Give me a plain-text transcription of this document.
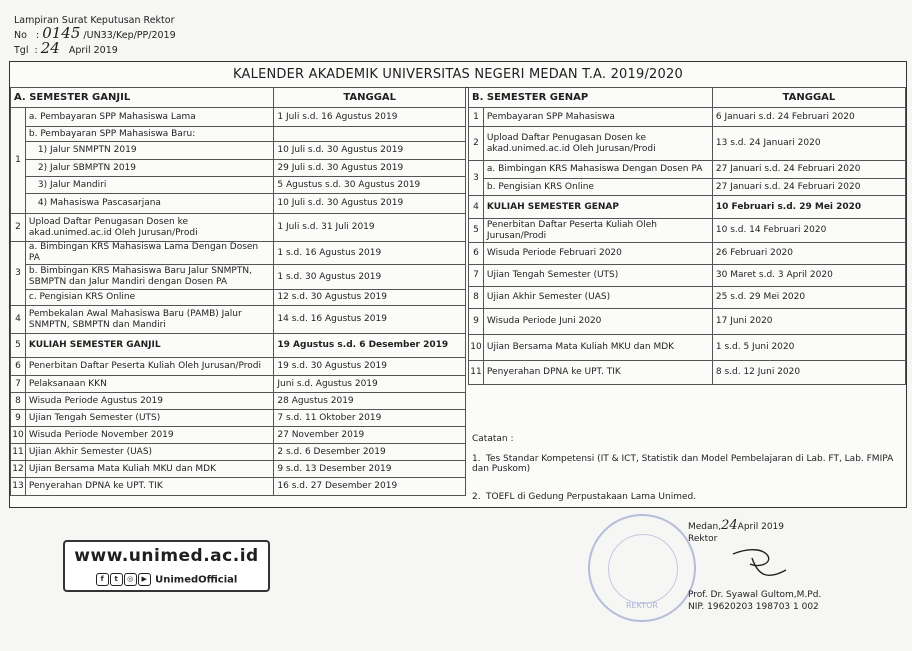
Lampiran Surat Keputusan Rektor
No   : 0145 /UN33/Kep/PP/2019
Tgl  : 24 April 2019
KALENDER AKADEMIK UNIVERSITAS NEGERI MEDAN T.A. 2019/2020
A. SEMESTER GANJIL		TANGGAL
1	a. Pembayaran SPP Mahasiswa Lama	1 Juli s.d. 16 Agustus 2019
	b. Pembayaran SPP Mahasiswa Baru:	
	1) Jalur SNMPTN 2019	10 Juli s.d. 30 Agustus 2019
	2) Jalur SBMPTN 2019	29 Juli s.d. 30 Agustus 2019
	3) Jalur Mandiri	5 Agustus s.d. 30 Agustus 2019
	4) Mahasiswa Pascasarjana	10 Juli s.d. 30 Agustus 2019
2	Upload Daftar Penugasan Dosen ke akad.unimed.ac.id Oleh Jurusan/Prodi	1 Juli s.d. 31 Juli 2019
3	a. Bimbingan KRS Mahasiswa Lama Dengan Dosen PA	1 s.d. 16 Agustus 2019
	b. Bimbingan KRS Mahasiswa Baru Jalur SNMPTN, SBMPTN dan Jalur Mandiri dengan Dosen PA	1 s.d. 30 Agustus 2019
	c. Pengisian KRS Online	12 s.d. 30 Agustus 2019
4	Pembekalan Awal Mahasiswa Baru (PAMB) Jalur SNMPTN, SBMPTN dan Mandiri	14 s.d. 16 Agustus 2019
5	KULIAH SEMESTER GANJIL	19 Agustus s.d. 6 Desember 2019
6	Penerbitan Daftar Peserta Kuliah Oleh Jurusan/Prodi	19 s.d. 30 Agustus 2019
7	Pelaksanaan KKN	Juni s.d. Agustus 2019
8	Wisuda Periode Agustus 2019	28 Agustus 2019
9	Ujian Tengah Semester (UTS)	7 s.d. 11 Oktober 2019
10	Wisuda Periode November 2019	27 November 2019
11	Ujian Akhir Semester (UAS)	2 s.d. 6 Desember 2019
12	Ujian Bersama Mata Kuliah MKU dan MDK	9 s.d. 13 Desember 2019
13	Penyerahan DPNA ke UPT. TIK	16 s.d. 27 Desember 2019
B. SEMESTER GENAP		TANGGAL
1	Pembayaran SPP Mahasiswa	6 Januari s.d. 24 Februari 2020
2	Upload Daftar Penugasan Dosen ke akad.unimed.ac.id Oleh Jurusan/Prodi	13 s.d. 24 Januari 2020
3	a. Bimbingan KRS Mahasiswa Dengan Dosen PA	27 Januari s.d. 24 Februari 2020
	b. Pengisian KRS Online	27 Januari s.d. 24 Februari 2020
4	KULIAH SEMESTER GENAP	10 Februari s.d. 29 Mei 2020
5	Penerbitan Daftar Peserta Kuliah Oleh Jurusan/Prodi	10 s.d. 14 Februari 2020
6	Wisuda Periode Februari 2020	26 Februari 2020
7	Ujian Tengah Semester (UTS)	30 Maret s.d. 3 April 2020
8	Ujian Akhir Semester (UAS)	25 s.d. 29 Mei 2020
9	Wisuda Periode Juni 2020	17 Juni 2020
10	Ujian Bersama Mata Kuliah MKU dan MDK	1 s.d. 5 Juni 2020
11	Penyerahan DPNA ke UPT. TIK	8 s.d. 12 Juni 2020
Catatan :
1. Tes Standar Kompetensi (IT & ICT, Statistik dan Model Pembelajaran di Lab. FT, Lab. FMIPA dan Puskom)
2. TOEFL di Gedung Perpustakaan Lama Unimed.
www.unimed.ac.id
f t ◎ ▶ UnimedOfficial
REKTOR
Medan,24April 2019
Rektor
Prof. Dr. Syawal Gultom,M.Pd.
NIP. 19620203 198703 1 002
